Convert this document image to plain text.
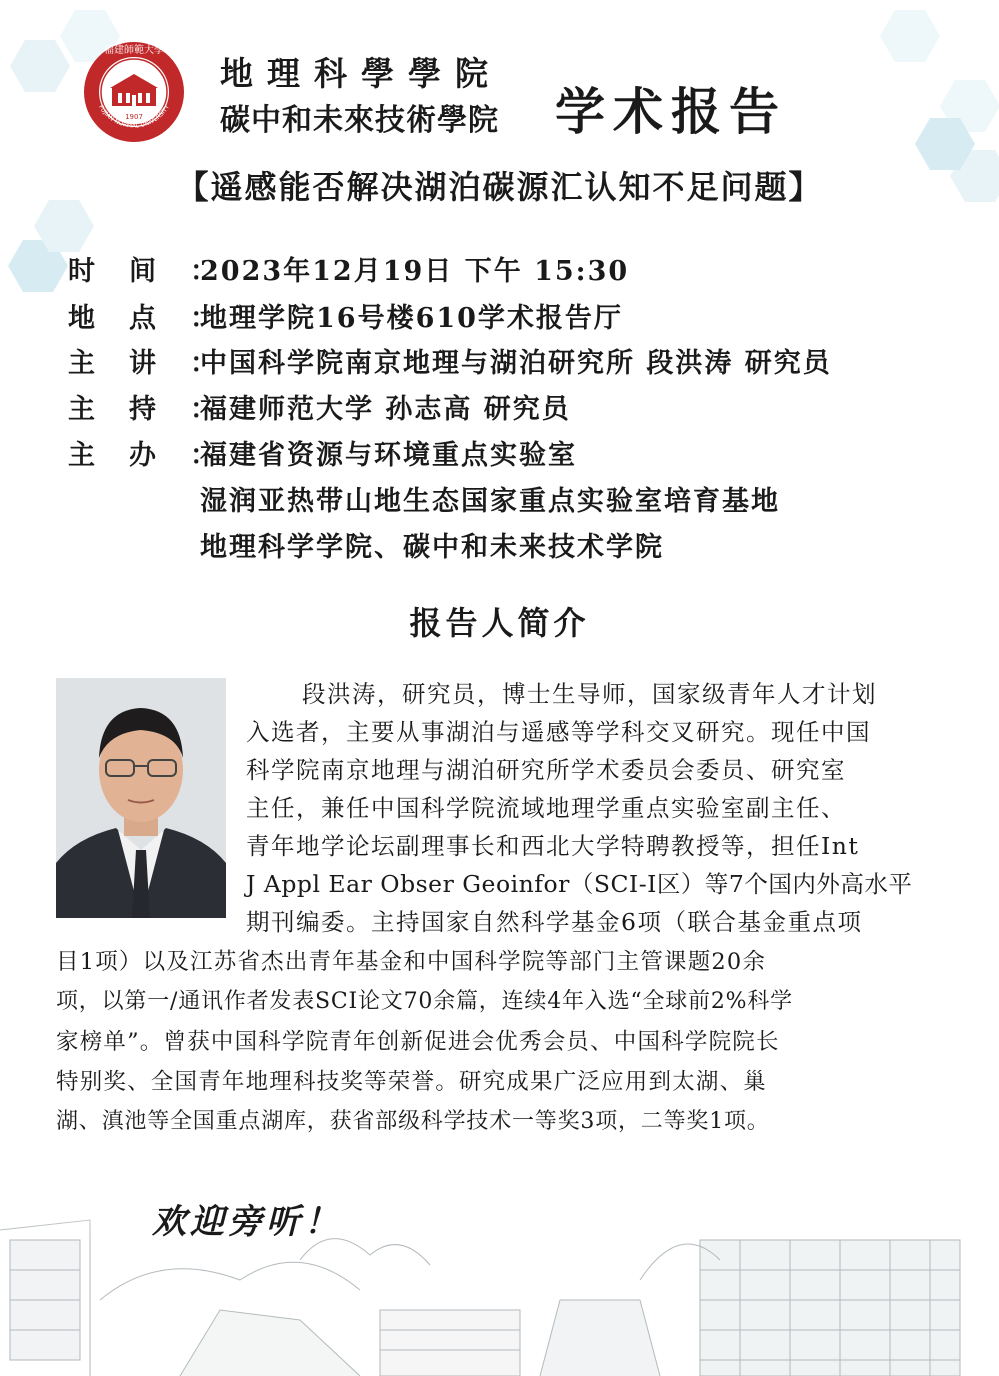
1907
福建師範大學
FUJIAN NORMAL UNIVERSITY
地理科學學院
碳中和未來技術學院 学术报告
【遥感能否解决湖泊碳源汇认知不足问题】
时间：2023年12月19日 下午 15:30
地点：地理学院16号楼610学术报告厅
主讲：中国科学院南京地理与湖泊研究所 段洪涛 研究员
主持：福建师范大学 孙志高 研究员
主办：福建省资源与环境重点实验室
湿润亚热带山地生态国家重点实验室培育基地
地理科学学院、碳中和未来技术学院
报告人简介
段洪涛，研究员，博士生导师，国家级青年人才计划
入选者，主要从事湖泊与遥感等学科交叉研究。现任中国
科学院南京地理与湖泊研究所学术委员会委员、研究室
主任，兼任中国科学院流域地理学重点实验室副主任、
青年地学论坛副理事长和西北大学特聘教授等，担任Int
J Appl Ear Obser Geoinfor（SCI-I区）等7个国内外高水平
期刊编委。主持国家自然科学基金6项（联合基金重点项
目1项）以及江苏省杰出青年基金和中国科学院等部门主管课题20余
项，以第一/通讯作者发表SCI论文70余篇，连续4年入选“全球前2%科学
家榜单”。曾获中国科学院青年创新促进会优秀会员、中国科学院院长
特别奖、全国青年地理科技奖等荣誉。研究成果广泛应用到太湖、巢
湖、滇池等全国重点湖库，获省部级科学技术一等奖3项，二等奖1项。
欢迎旁听！
